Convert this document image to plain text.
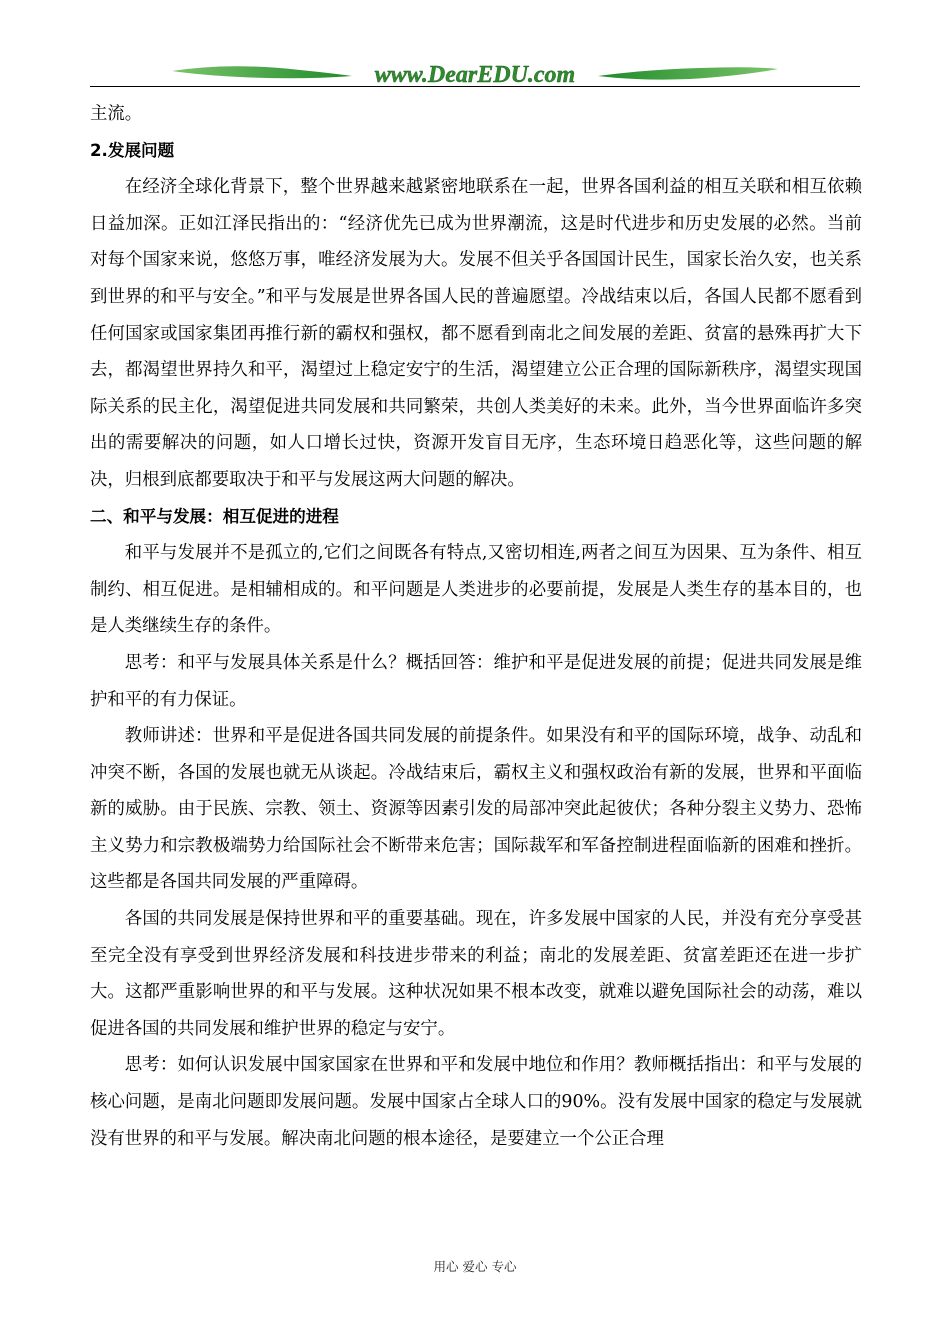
www.DearEDU.com

主流。

2.发展问题

在经济全球化背景下，整个世界越来越紧密地联系在一起，世界各国利益的相互关联和相互依赖日益加深。正如江泽民指出的：“经济优先已成为世界潮流，这是时代进步和历史发展的必然。当前对每个国家来说，悠悠万事，唯经济发展为大。发展不但关乎各国国计民生，国家长治久安，也关系到世界的和平与安全。”和平与发展是世界各国人民的普遍愿望。冷战结束以后，各国人民都不愿看到任何国家或国家集团再推行新的霸权和强权，都不愿看到南北之间发展的差距、贫富的悬殊再扩大下去，都渴望世界持久和平，渴望过上稳定安宁的生活，渴望建立公正合理的国际新秩序，渴望实现国际关系的民主化，渴望促进共同发展和共同繁荣，共创人类美好的未来。此外，当今世界面临许多突出的需要解决的问题，如人口增长过快，资源开发盲目无序，生态环境日趋恶化等，这些问题的解决，归根到底都要取决于和平与发展这两大问题的解决。

二、和平与发展：相互促进的进程

和平与发展并不是孤立的,它们之间既各有特点,又密切相连,两者之间互为因果、互为条件、相互制约、相互促进。是相辅相成的。和平问题是人类进步的必要前提，发展是人类生存的基本目的，也是人类继续生存的条件。

思考：和平与发展具体关系是什么？概括回答：维护和平是促进发展的前提；促进共同发展是维护和平的有力保证。

教师讲述：世界和平是促进各国共同发展的前提条件。如果没有和平的国际环境，战争、动乱和冲突不断，各国的发展也就无从谈起。冷战结束后，霸权主义和强权政治有新的发展，世界和平面临新的威胁。由于民族、宗教、领土、资源等因素引发的局部冲突此起彼伏；各种分裂主义势力、恐怖主义势力和宗教极端势力给国际社会不断带来危害；国际裁军和军备控制进程面临新的困难和挫折。这些都是各国共同发展的严重障碍。

各国的共同发展是保持世界和平的重要基础。现在，许多发展中国家的人民，并没有充分享受甚至完全没有享受到世界经济发展和科技进步带来的利益；南北的发展差距、贫富差距还在进一步扩大。这都严重影响世界的和平与发展。这种状况如果不根本改变，就难以避免国际社会的动荡，难以促进各国的共同发展和维护世界的稳定与安宁。

思考：如何认识发展中国家国家在世界和平和发展中地位和作用？教师概括指出：和平与发展的核心问题，是南北问题即发展问题。发展中国家占全球人口的90%。没有发展中国家的稳定与发展就没有世界的和平与发展。解决南北问题的根本途径，是要建立一个公正合理

用心 爱心 专心
